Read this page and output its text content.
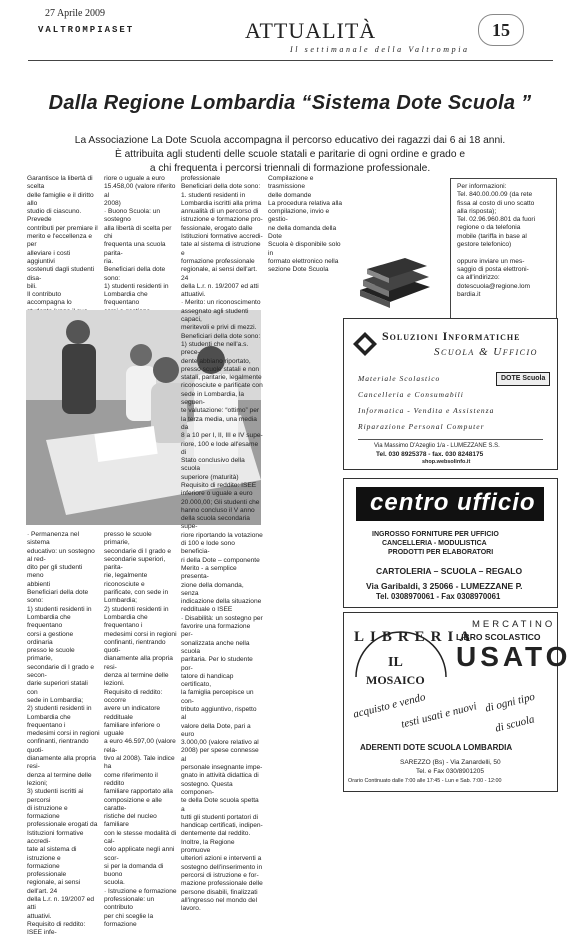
27 Aprile 2009
VALTROMPIASET	ATTUALITÀ	15
Il settimanale della Valtrompia
Dalla Regione Lombardia “Sistema Dote Scuola ”
La Associazione La Dote Scuola accompagna il percorso educativo dei ragazzi dai 6 ai 18 anni.
È attribuita agli studenti delle scuole statali e paritarie di ogni ordine e grado e
a chi frequenta i percorsi triennali di formazione professionale.
Garantisce la libertà di scelta
delle famiglie e il diritto allo
studio di ciascuno. Prevede
contributi per premiare il
merito e l'eccellenza e per
alleviare i costi aggiuntivi
sostenuti dagli studenti disa-
bili.
Il contributo accompagna lo

riore o uguale a euro
15.458,00 (valore riferito al
2008)
· Buono Scuola: un sostegno
alla libertà di scelta per chi
frequenta una scuola parita-
ria.
Beneficiari della dote sono:
1) studenti residenti in
Lombardia che frequentano

· Permanenza nel sistema
educativo: un sostegno al red-
dito per gli studenti meno
abbienti
Beneficiari della dote sono:
1) studenti residenti in
Lombardia che frequentano
corsi a gestione ordinaria
presso le scuole primarie,
secondarie di I grado e secon-
darie superiori statali con
sede in Lombardia;
2) studenti residenti in
Lombardia che frequentano i
medesimi corsi in regioni
confinanti, rientrando quoti-
dianamente alla propria resi-
denza al termine delle lezioni;
3) studenti iscritti ai percorsi
di istruzione e formazione
professionale erogati da
Istituzioni formative accredi-
tate al sistema di istruzione e
formazione professionale
regionale, ai sensi dell'art. 24
della L.r. n. 19/2007 ed atti
attuativi.
Requisito di reddito: ISEE infe-
presso le scuole primarie,
secondarie di I grado e
secondarie superiori, parita-
rie, legalmente riconosciute e
parificate, con sede in
Lombardia;
2) studenti residenti in
Lombardia che frequentano i
medesimi corsi in regioni
confinanti, rientrando quoti-
dianamente alla propria resi-
denza al termine delle lezioni.
Requisito di reddito: occorre
avere un indicatore reddituale
familiare inferiore o uguale
a euro 46.597,00 (valore rela-
tivo al 2008). Tale indice ha
come riferimento il reddito
familiare rapportato alla
composizione e alle caratte-
ristiche del nucleo familiare
con le stesse modalità di cal-
colo applicate negli anni scor-
si per la domanda di buono
scuola.
· Istruzione e formazione
professionale: un contributo
per chi sceglie la formazione
professionale
Beneficiari della dote sono:
1. studenti residenti in
Lombardia iscritti alla prima
annualità di un percorso di
istruzione e formazione pro-
fessionale, erogato dalle
Istituzioni formative accredi-
tate al sistema di istruzione e
formazione professionale
regionale, ai sensi dell'art. 24
della L.r. n. 19/2007 ed atti
attuativi.
· Merito: un riconoscimento
assegnato agli studenti capaci,
meritevoli e privi di mezzi.
Beneficiari della dote sono:
1) studenti che nell'a.s. prece-
dente abbiano riportato,
presso scuole statali e non
statali, paritarie, legalmente
riconosciute e parificate con
sede in Lombardia, la seguen-
te valutazione: “ottimo” per
la terza media, una media da
8 a 10 per I, II, III e IV supe-
riore, 100 e lode all'esame di
Stato conclusivo della scuola
superiore (maturità)
Requisito di reddito: ISEE
inferiore o uguale a euro
20.000,00; Gli studenti che
hanno concluso il V anno
della scuola secondaria supe-
riore riportando la votazione
di 100 e lode sono beneficia-
ri della Dote – componente
Merito - a semplice presenta-
zione della domanda, senza
indicazione della situazione
reddituale o ISEE
· Disabilità: un sostegno per
favorire una formazione per-
sonalizzata anche nella scuola
paritaria. Per lo studente por-
tatore di handicap certificato,
la famiglia percepisce un con-
tributo aggiuntivo, rispetto al
valore della Dote, pari a euro
3.000,00 (valore relativo al
2008) per spese connesse al
personale insegnante impe-
gnato in attività didattica di
sostegno. Questa componen-
te della Dote scuola spetta a
tutti gli studenti portatori di
handicap certificati, indipen-
dentemente dal reddito.
Inoltre, la Regione promuove
ulteriori azioni e interventi a
sostegno dell'inserimento in
percorsi di istruzione e for-
mazione professionale delle
persone disabili, finalizzati
all'ingresso nel mondo del
lavoro.
Compilazione e trasmissione
delle domande
La procedura relativa alla
compilazione, invio e gestio-
ne della domanda della Dote
Scuola è disponibile solo in
formato elettronico nella
sezione Dote Scuola
Per informazioni:
Tel. 840.00.00.09 (da rete
fissa al costo di uno scatto
alla risposta);
Tel. 02.96.960.801 da fuori
regione o da telefonia
mobile (tariffa in base al
gestore telefonico)

oppure inviare un mes-
saggio di posta elettroni-
ca all'indirizzo:
dotescuola@regione.lom
bardia.it
Soluzioni Informatiche
Scuola & Ufficio
DOTE Scuola
Materiale Scolastico
Cancelleria e Consumabili
Informatica - Vendita e Assistenza
Riparazione Personal Computer
Via Massimo D'Azeglio 1/a - LUMEZZANE S.S.
Tel. 030 8925378 - fax. 030 8248175
shop.websolinfo.it
centro ufficio
INGROSSO FORNITURE PER UFFICIO
CANCELLERIA - MODULISTICA
PRODOTTI PER ELABORATORI
CARTOLERIA – SCUOLA – REGALO
Via Garibaldi, 3 25066 - LUMEZZANE P.
Tel. 0308970061 - Fax 0308970061
LIBRERIA
IL
MOSAICO
MERCATINO
LIBRO SCOLASTICO
USATO
acquisto e vendo
testi usati e nuovi di ogni tipo
di scuola
ADERENTI DOTE SCUOLA LOMBARDIA
SAREZZO (Bs) - Via Zanardelli, 50
Tel. e Fax 030/8901205
Orario Continuato dalle 7:00 alle 17:45 - Lun e Sab. 7:00 - 12:00
